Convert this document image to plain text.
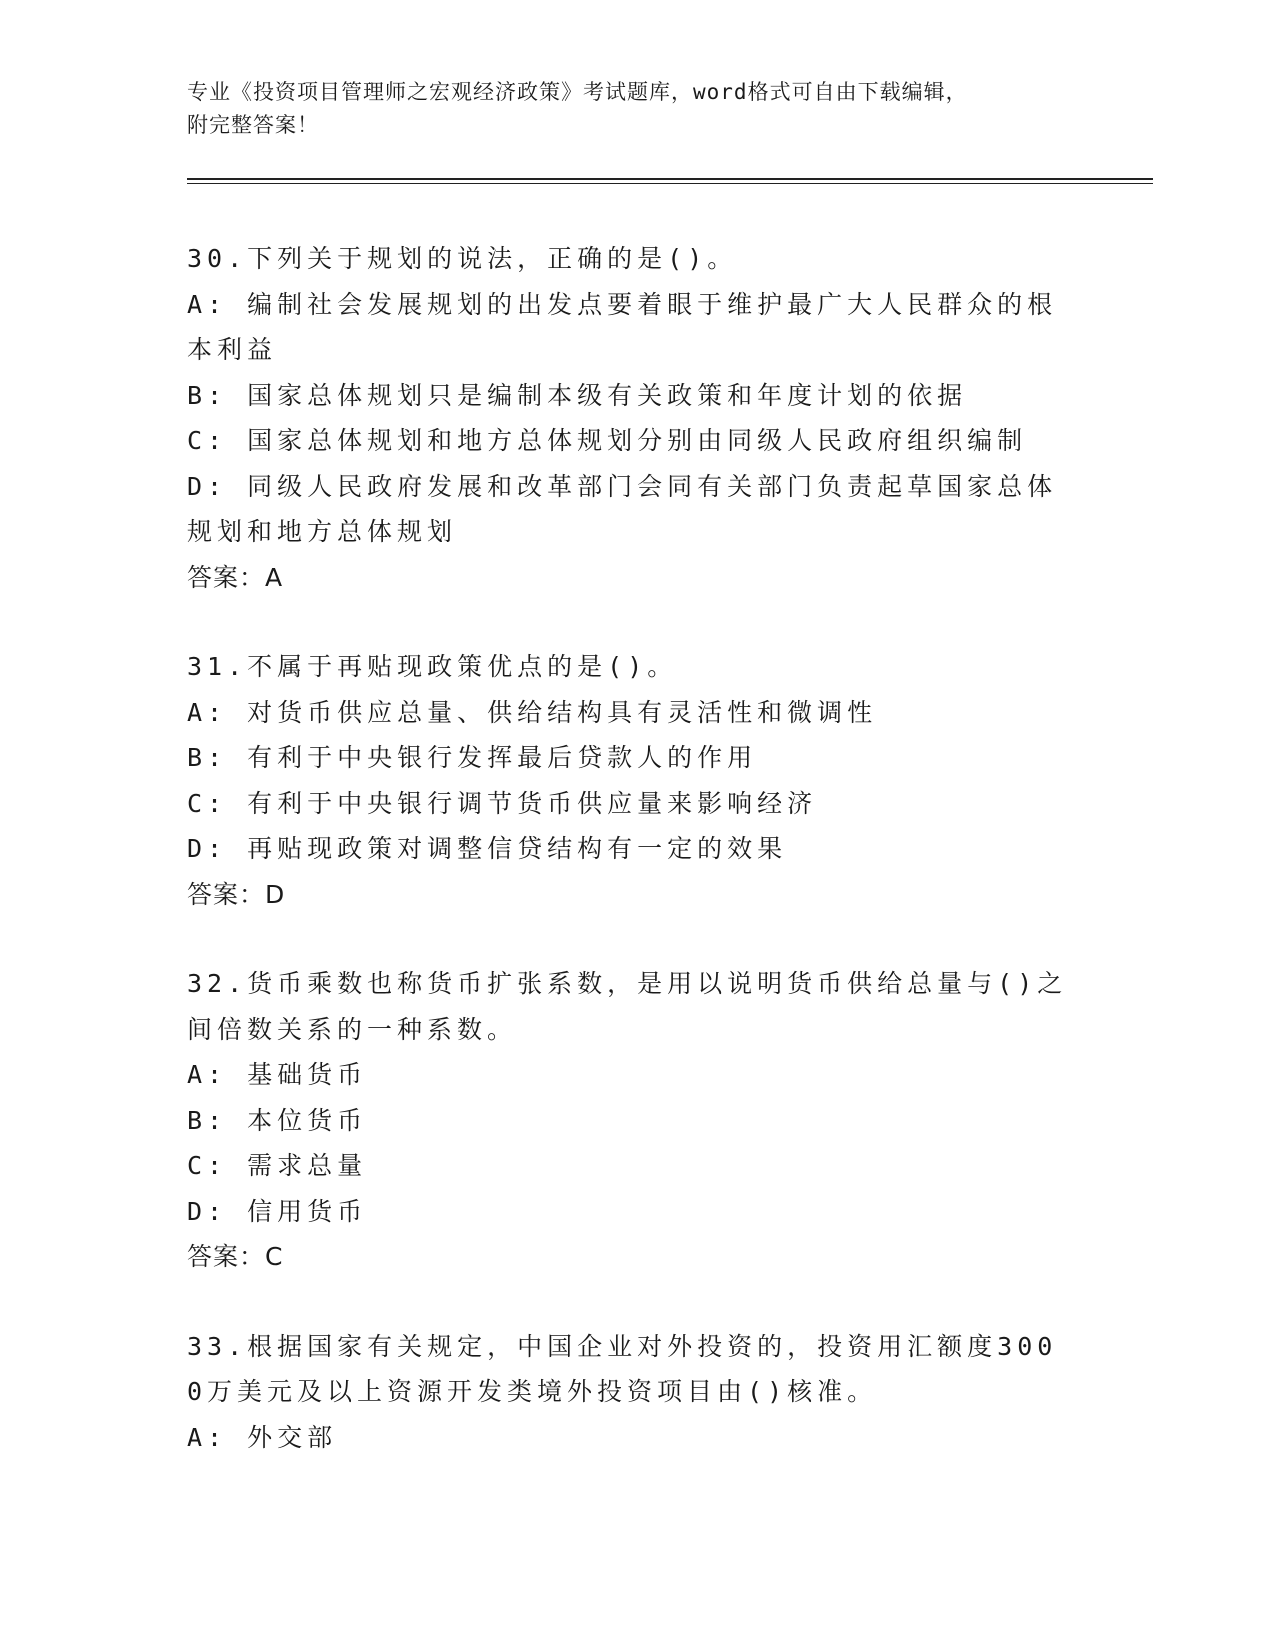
专业《投资项目管理师之宏观经济政策》考试题库，word格式可自由下载编辑，
附完整答案！
30.下列关于规划的说法，正确的是()。
A: 编制社会发展规划的出发点要着眼于维护最广大人民群众的根本利益
B: 国家总体规划只是编制本级有关政策和年度计划的依据
C: 国家总体规划和地方总体规划分别由同级人民政府组织编制
D: 同级人民政府发展和改革部门会同有关部门负责起草国家总体规划和地方总体规划
答案：A
31.不属于再贴现政策优点的是()。
A: 对货币供应总量、供给结构具有灵活性和微调性
B: 有利于中央银行发挥最后贷款人的作用
C: 有利于中央银行调节货币供应量来影响经济
D: 再贴现政策对调整信贷结构有一定的效果
答案：D
32.货币乘数也称货币扩张系数，是用以说明货币供给总量与()之间倍数关系的一种系数。
A: 基础货币
B: 本位货币
C: 需求总量
D: 信用货币
答案：C
33.根据国家有关规定，中国企业对外投资的，投资用汇额度3000万美元及以上资源开发类境外投资项目由()核准。
A: 外交部
